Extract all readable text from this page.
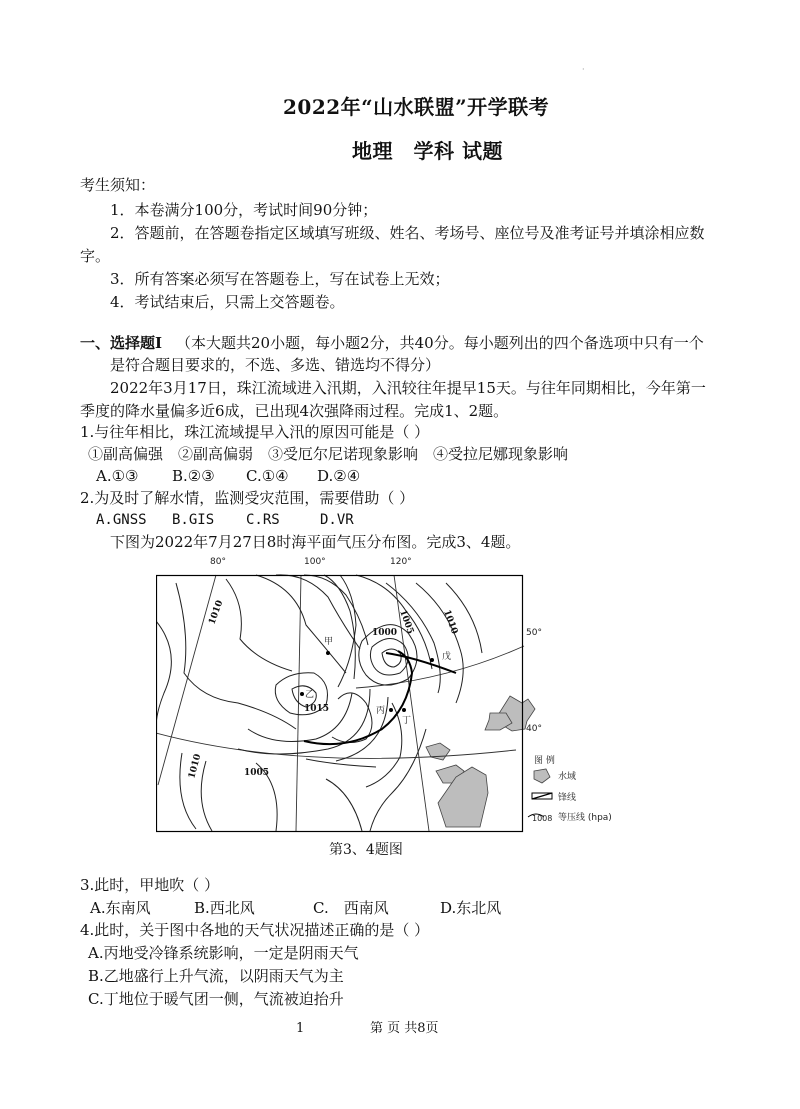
·
2022年“山水联盟”开学联考
地理　学科 试题
考生须知：
1．本卷满分100分，考试时间90分钟；
2．答题前，在答题卷指定区域填写班级、姓名、考场号、座位号及准考证号并填涂相应数
字。
3．所有答案必须写在答题卷上，写在试卷上无效；
4．考试结束后，只需上交答题卷。
一、选择题Ⅰ （本大题共20小题，每小题2分，共40分。每小题列出的四个备选项中只有一个
是符合题目要求的，不选、多选、错选均不得分）
2022年3月17日，珠江流域进入汛期，入汛较往年提早15天。与往年同期相比，今年第一
季度的降水量偏多近6成，已出现4次强降雨过程。完成1、2题。
1.与往年相比，珠江流域提早入汛的原因可能是（ ）
①副高偏强　②副高偏弱　③受厄尔尼诺现象影响　④受拉尼娜现象影响
A.①③ B.②③ C.①④ D.②④
2.为及时了解水情，监测受灾范围，需要借助（ ）
A.GNSS B.GIS C.RS	D.VR
下图为2022年7月27日8时海平面气压分布图。完成3、4题。
80°	100°	120°
50°
40°
1010	1005	1010
1000
1015
1010	1005
甲
乙
丙
丁
戊
图 例
水域
锋线
1008 等压线 (hpa)
第3、4题图
3.此时，甲地吹（ ）
A.东南风	B.西北风	C.　西南风	D.东北风
4.此时，关于图中各地的天气状况描述正确的是（ ）
A.丙地受冷锋系统影响，一定是阴雨天气
B.乙地盛行上升气流，以阴雨天气为主
C.丁地位于暖气团一侧，气流被迫抬升
1	第 页 共8页
